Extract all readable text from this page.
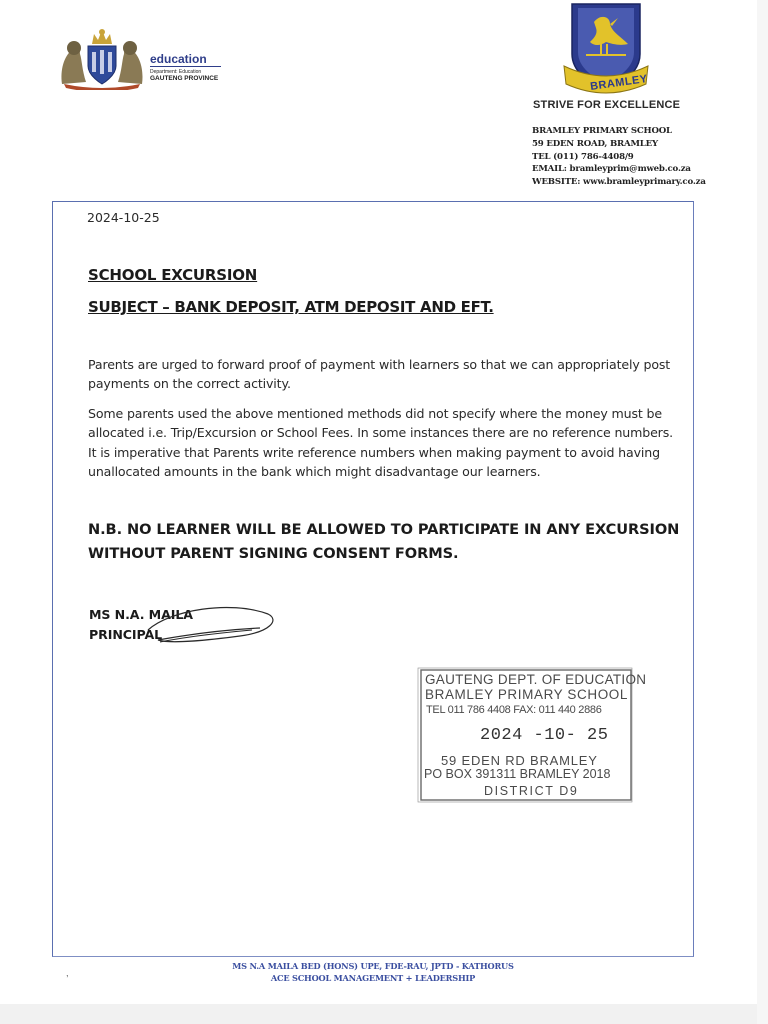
education
Department: Education
GAUTENG PROVINCE	BRAMLEY
STRIVE FOR EXCELLENCE
BRAMLEY PRIMARY SCHOOL
59 EDEN ROAD, BRAMLEY
TEL (011) 786-4408/9
EMAIL: bramleyprim@mweb.co.za
WEBSITE: www.bramleyprimary.co.za
2024-10-25
SCHOOL EXCURSION
SUBJECT – BANK DEPOSIT, ATM DEPOSIT AND EFT.
Parents are urged to forward proof of payment with learners so that we can appropriately post payments on the correct activity.
Some parents used the above mentioned methods did not specify where the money must be allocated i.e. Trip/Excursion or School Fees. In some instances there are no reference numbers. It is imperative that Parents write reference numbers when making payment to avoid having unallocated amounts in the bank which might disadvantage our learners.
N.B. NO LEARNER WILL BE ALLOWED TO PARTICIPATE IN ANY EXCURSION WITHOUT PARENT SIGNING CONSENT FORMS.
MS N.A. MAILA
PRINCIPAL
GAUTENG DEPT. OF EDUCATION
BRAMLEY PRIMARY SCHOOL
TEL 011 786 4408 FAX: 011 440 2886
2024 -10- 25
59 EDEN RD BRAMLEY
PO BOX 391311 BRAMLEY 2018
DISTRICT D9
,
MS N.A MAILA BED (HONS) UPE, FDE-RAU, JPTD - KATHORUS
ACE SCHOOL MANAGEMENT + LEADERSHIP
